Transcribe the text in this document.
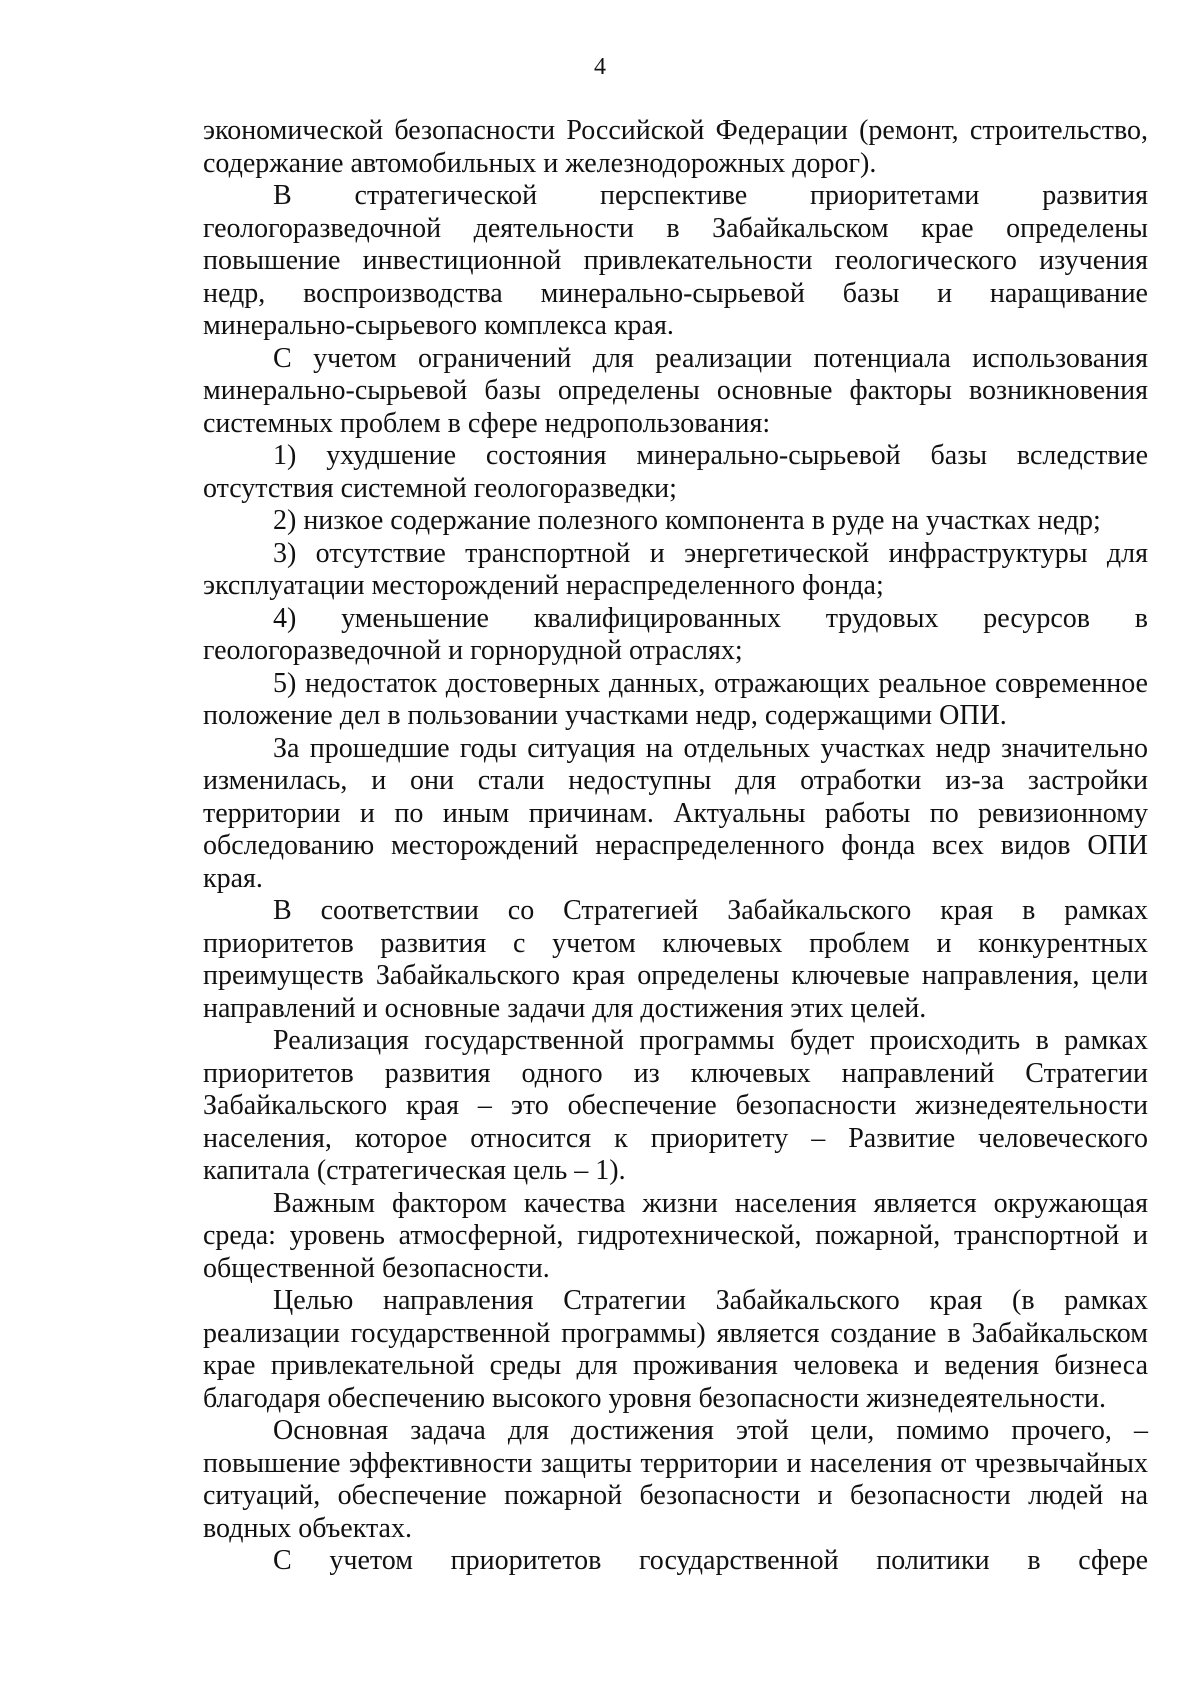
4

экономической безопасности Российской Федерации (ремонт, строительство, содержание автомобильных и железнодорожных дорог).

В стратегической перспективе приоритетами развития геологоразведочной деятельности в Забайкальском крае определены повышение инвестиционной привлекательности геологического изучения недр, воспроизводства минерально-сырьевой базы и наращивание минерально-сырьевого комплекса края.

С учетом ограничений для реализации потенциала использования минерально-сырьевой базы определены основные факторы возникновения системных проблем в сфере недропользования:

1) ухудшение состояния минерально-сырьевой базы вследствие отсутствия системной геологоразведки;

2) низкое содержание полезного компонента в руде на участках недр;

3) отсутствие транспортной и энергетической инфраструктуры для эксплуатации месторождений нераспределенного фонда;

4) уменьшение квалифицированных трудовых ресурсов в геологоразведочной и горнорудной отраслях;

5) недостаток достоверных данных, отражающих реальное современное положение дел в пользовании участками недр, содержащими ОПИ.

За прошедшие годы ситуация на отдельных участках недр значительно изменилась, и они стали недоступны для отработки из-за застройки территории и по иным причинам. Актуальны работы по ревизионному обследованию месторождений нераспределенного фонда всех видов ОПИ края.

В соответствии со Стратегией Забайкальского края в рамках приоритетов развития с учетом ключевых проблем и конкурентных преимуществ Забайкальского края определены ключевые направления, цели направлений и основные задачи для достижения этих целей.

Реализация государственной программы будет происходить в рамках приоритетов развития одного из ключевых направлений Стратегии Забайкальского края – это обеспечение безопасности жизнедеятельности населения, которое относится к приоритету – Развитие человеческого капитала (стратегическая цель – 1).

Важным фактором качества жизни населения является окружающая среда: уровень атмосферной, гидротехнической, пожарной, транспортной и общественной безопасности.

Целью направления Стратегии Забайкальского края (в рамках реализации государственной программы) является создание в Забайкальском крае привлекательной среды для проживания человека и ведения бизнеса благодаря обеспечению высокого уровня безопасности жизнедеятельности.

Основная задача для достижения этой цели, помимо прочего, – повышение эффективности защиты территории и населения от чрезвычайных ситуаций, обеспечение пожарной безопасности и безопасности людей на водных объектах.

С учетом приоритетов государственной политики в сфере
